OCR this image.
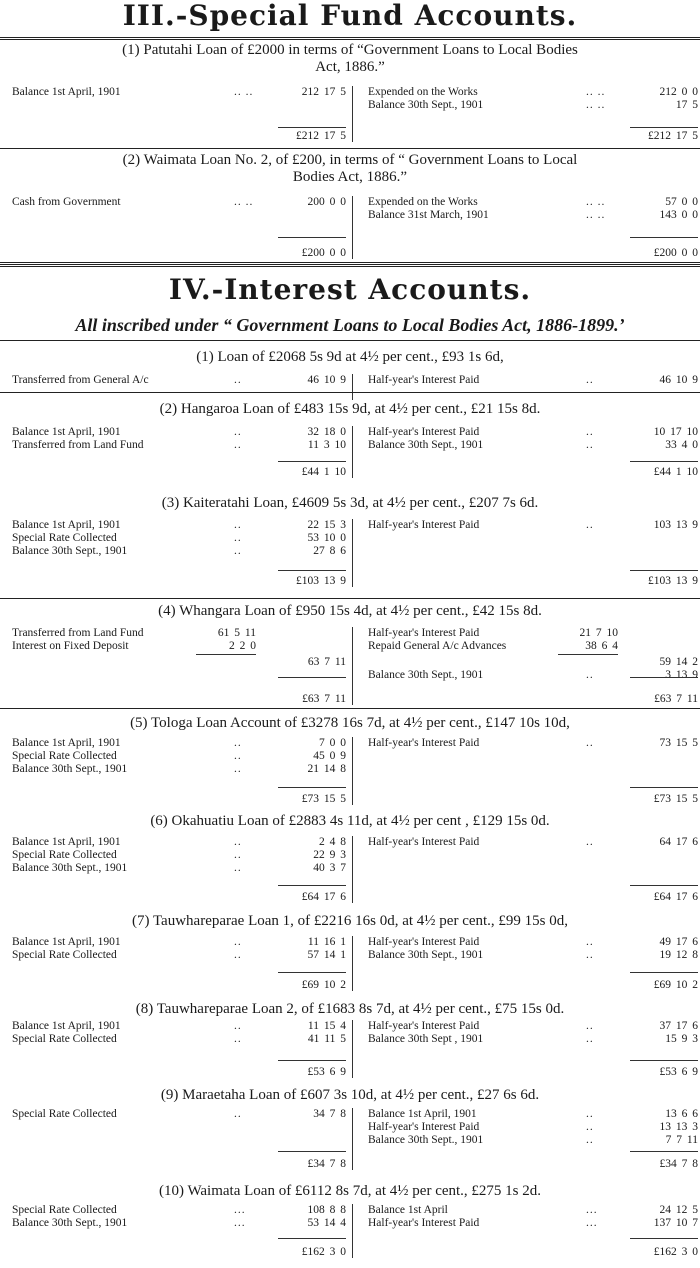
III.-Special Fund Accounts.
(1) Patutahi Loan of £2000 in terms of “Government Loans to Local Bodies
Act, 1886.”
Balance 1st April, 1901	.. ..	212 17 5
£212 17 5
Expended on the Works	.. ..	212 0 0
Balance 30th Sept., 1901	.. ..	17 5
£212 17 5
(2) Waimata Loan No. 2, of £200, in terms of “ Government Loans to Local
Bodies Act, 1886.”
Cash from Government	.. ..	200 0 0
£200 0 0
Expended on the Works	.. ..	57 0 0
Balance 31st March, 1901	.. ..	143 0 0
£200 0 0
IV.-Interest Accounts.
All inscribed under “ Government Loans to Local Bodies Act, 1886-1899.’
(1) Loan of £2068 5s 9d at 4½ per cent., £93 1s 6d,
Transferred from General A/c	..	46 10 9 Half-year's Interest Paid	..	46 10 9
(2) Hangaroa Loan of £483 15s 9d, at 4½ per cent., £21 15s 8d.
Balance 1st April, 1901	..	32 18 0
Transferred from Land Fund	..	11 3 10
£44 1 10
Half-year's Interest Paid	..	10 17 10
Balance 30th Sept., 1901	..	33 4 0
£44 1 10
(3) Kaiteratahi Loan, £4609 5s 3d, at 4½ per cent., £207 7s 6d.
Balance 1st April, 1901	..	22 15 3
Special Rate Collected	..	53 10 0
Balance 30th Sept., 1901	..	27 8 6
£103 13 9
Half-year's Interest Paid	..	103 13 9
£103 13 9
(4) Whangara Loan of £950 15s 4d, at 4½ per cent., £42 15s 8d.
Transferred from Land Fund	61 5 11
Interest on Fixed Deposit	2 2 0
63 7 11
£63 7 11
Half-year's Interest Paid	21 7 10
Repaid General A/c Advances	38 6 4
59 14 2
Balance 30th Sept., 1901	..	3 13 9
£63 7 11
(5) Tologa Loan Account of £3278 16s 7d, at 4½ per cent., £147 10s 10d,
Balance 1st April, 1901	..	7 0 0
Special Rate Collected	..	45 0 9
Balance 30th Sept., 1901	..	21 14 8
£73 15 5
Half-year's Interest Paid	..	73 15 5
£73 15 5
(6) Okahuatiu Loan of £2883 4s 11d, at 4½ per cent , £129 15s 0d.
Balance 1st April, 1901	..	2 4 8
Special Rate Collected	..	22 9 3
Balance 30th Sept., 1901	..	40 3 7
£64 17 6
Half-year's Interest Paid	..	64 17 6
£64 17 6
(7) Tauwhareparae Loan 1, of £2216 16s 0d, at 4½ per cent., £99 15s 0d,
Balance 1st April, 1901	..	11 16 1
Special Rate Collected	..	57 14 1
£69 10 2
Half-year's Interest Paid	..	49 17 6
Balance 30th Sept., 1901	..	19 12 8
£69 10 2
(8) Tauwhareparae Loan 2, of £1683 8s 7d, at 4½ per cent., £75 15s 0d.
Balance 1st April, 1901	..	11 15 4
Special Rate Collected	..	41 11 5
£53 6 9
Half-year's Interest Paid	..	37 17 6
Balance 30th Sept , 1901	..	15 9 3
£53 6 9
(9) Maraetaha Loan of £607 3s 10d, at 4½ per cent., £27 6s 6d.
Special Rate Collected	..	34 7 8
£34 7 8
Balance 1st April, 1901	..	13 6 6
Half-year's Interest Paid	..	13 13 3
Balance 30th Sept., 1901	..	7 7 11
£34 7 8
(10) Waimata Loan of £6112 8s 7d, at 4½ per cent., £275 1s 2d.
Special Rate Collected	...	108 8 8
Balance 30th Sept., 1901	...	53 14 4
£162 3 0
Balance 1st April	...	24 12 5
Half-year's Interest Paid	...	137 10 7
£162 3 0
